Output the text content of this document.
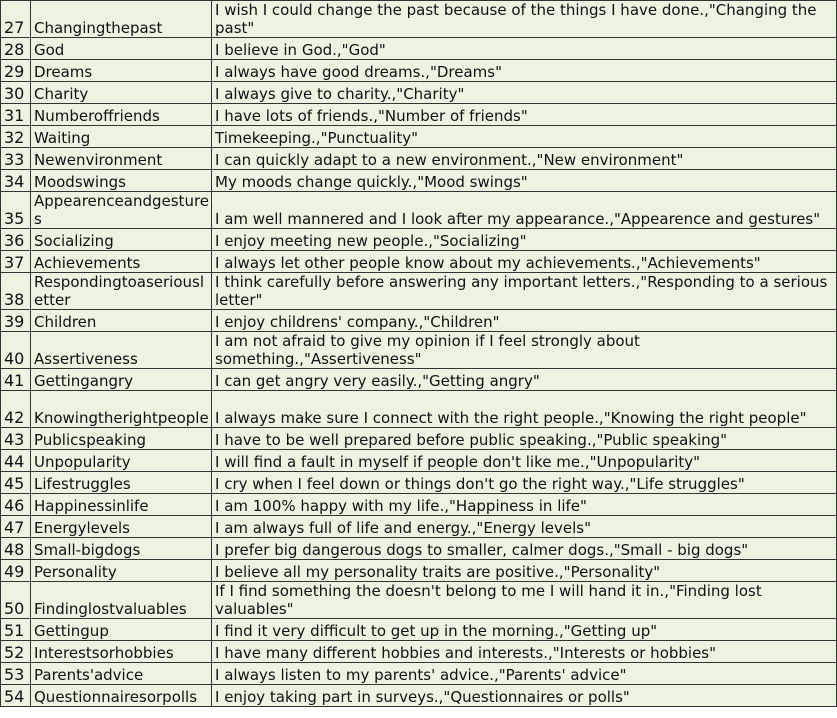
27	Changingthepast	I wish I could change the past because of the things I have done.,"Changing the past"
28	God	I believe in God.,"God"
29	Dreams	I always have good dreams.,"Dreams"
30	Charity	I always give to charity.,"Charity"
31	Numberoffriends	I have lots of friends.,"Number of friends"
32	Waiting	Timekeeping.,"Punctuality"
33	Newenvironment	I can quickly adapt to a new environment.,"New environment"
34	Moodswings	My moods change quickly.,"Mood swings"
35	Appearenceandgestures	I am well mannered and I look after my appearance.,"Appearence and gestures"
36	Socializing	I enjoy meeting new people.,"Socializing"
37	Achievements	I always let other people know about my achievements.,"Achievements"
38	Respondingtoaseriousletter	I think carefully before answering any important letters.,"Responding to a serious letter"
39	Children	I enjoy childrens' company.,"Children"
40	Assertiveness	I am not afraid to give my opinion if I feel strongly about something.,"Assertiveness"
41	Gettingangry	I can get angry very easily.,"Getting angry"
42	Knowingtherightpeople	I always make sure I connect with the right people.,"Knowing the right people"
43	Publicspeaking	I have to be well prepared before public speaking.,"Public speaking"
44	Unpopularity	I will find a fault in myself if people don't like me.,"Unpopularity"
45	Lifestruggles	I cry when I feel down or things don't go the right way.,"Life struggles"
46	Happinessinlife	I am 100% happy with my life.,"Happiness in life"
47	Energylevels	I am always full of life and energy.,"Energy levels"
48	Small-bigdogs	I prefer big dangerous dogs to smaller, calmer dogs.,"Small - big dogs"
49	Personality	I believe all my personality traits are positive.,"Personality"
50	Findinglostvaluables	If I find something the doesn't belong to me I will hand it in.,"Finding lost valuables"
51	Gettingup	I find it very difficult to get up in the morning.,"Getting up"
52	Interestsorhobbies	I have many different hobbies and interests.,"Interests or hobbies"
53	Parents'advice	I always listen to my parents' advice.,"Parents' advice"
54	Questionnairesorpolls	I enjoy taking part in surveys.,"Questionnaires or polls"
